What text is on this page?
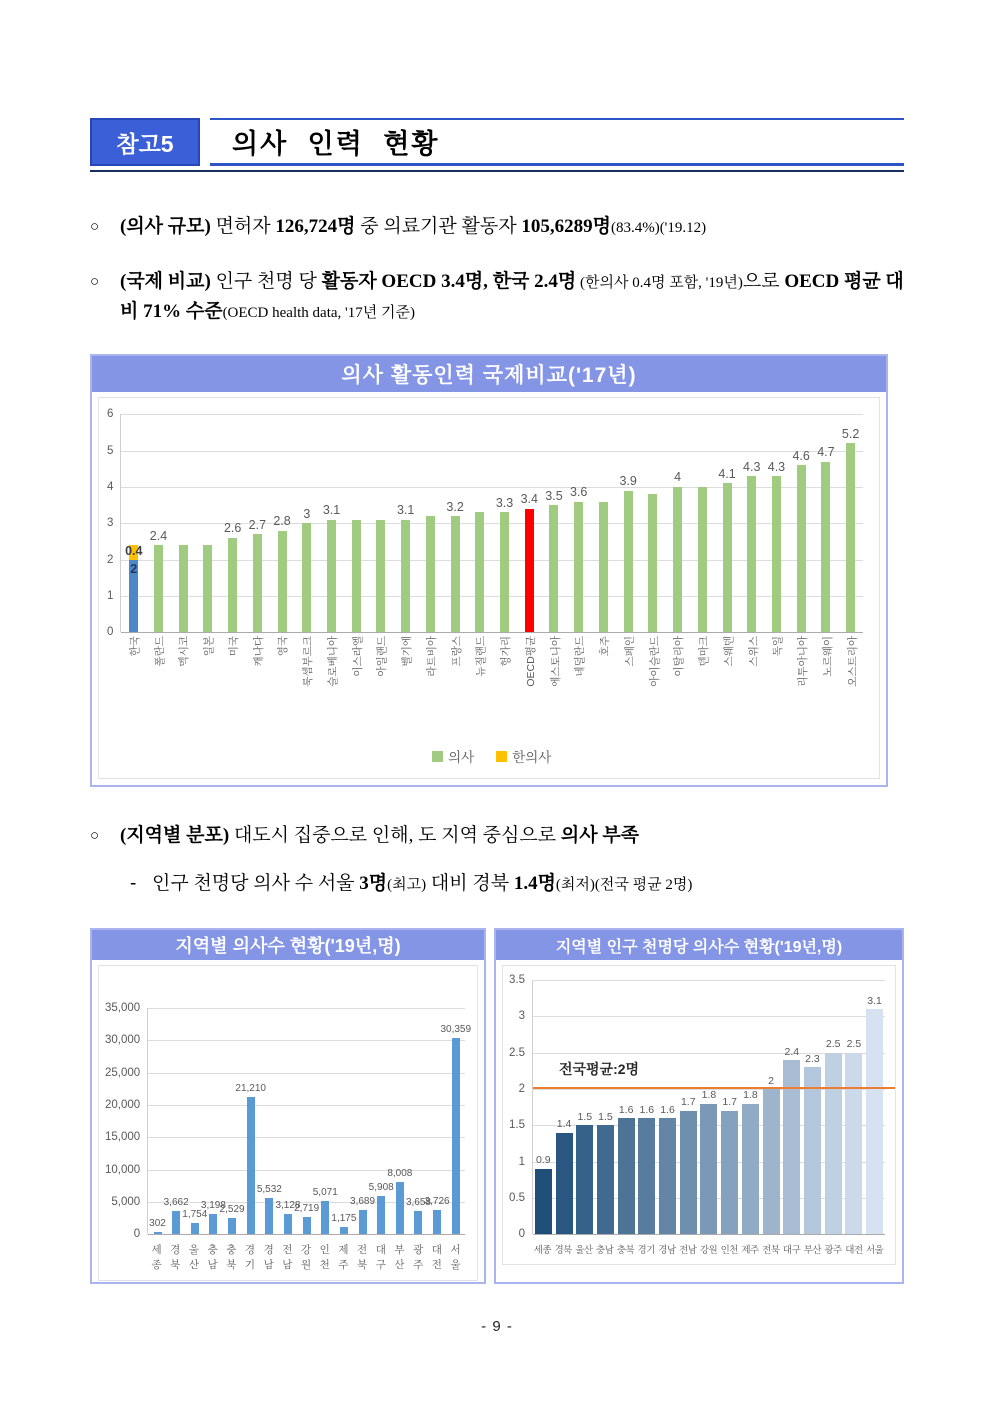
참고5	의사 인력 현황
○	(의사 규모) 면허자 126,724명 중 의료기관 활동자 105,6289명(83.4%)('19.12)

○	(국제 비교) 인구 천명 당 활동자 OECD 3.4명, 한국 2.4명 (한의사 0.4명 포함, '19년)으로 OECD 평균 대비 71% 수준(OECD health data, '17년 기준)

의사 활동인력 국제비교('17년)
6
5
4
3
2
1
0
0.4
2
2.4
2.6 2.7 2.8
3 3.1	3.1	3.2	3.3 3.4 3.5 3.6
3.9	4	4.1
4.3 4.3
4.6 4.7
5.2
한국 폴란드 멕시코 일본 미국 캐나다 영국 룩셈부르크 슬로베니아 이스라엘 아일랜드 벨기에 라트비아 프랑스 뉴질랜드 헝가리 OECD평균 에스토니아 네덜란드 호주 스페인 아이슬란드 이탈리아 덴마크 스웨덴 스위스 독일 리투아니아 노르웨이 오스트리아
의사	한의사
○	(지역별 분포) 대도시 집중으로 인해, 도 지역 중심으로 의사 부족

- 인구 천명당 의사 수 서울 3명(최고) 대비 경북 1.4명(최저)(전국 평균 2명)

지역별 의사수 현황('19년,명)
35,000
30,000
25,000
20,000
15,000
10,000
5,000
0
302
3,662
1,754
3,198
2,529
21,210
5,532
3,128
2,719
5,071
1,175
3,689
5,908
8,008
3,658
3,726
30,359
세종
경북
울산
충남
충북
경기
경남
전남
강원
인천
제주
전북
대구
부산
광주
대전
서울
지역별 인구 천명당 의사수 현황('19년,명)
3.5
3
2.5
2
1.5
1
0.5
0
전국평균:2명
0.9
1.4
1.5 1.5
1.6 1.6 1.6
1.7
1.8
1.7
1.8
2
2.4
2.3
2.5 2.5
3.1
세종 경북 울산 충남 충북 경기 경남 전남 강원 인천 제주 전북 대구 부산 광주 대전 서울
- 9 -
